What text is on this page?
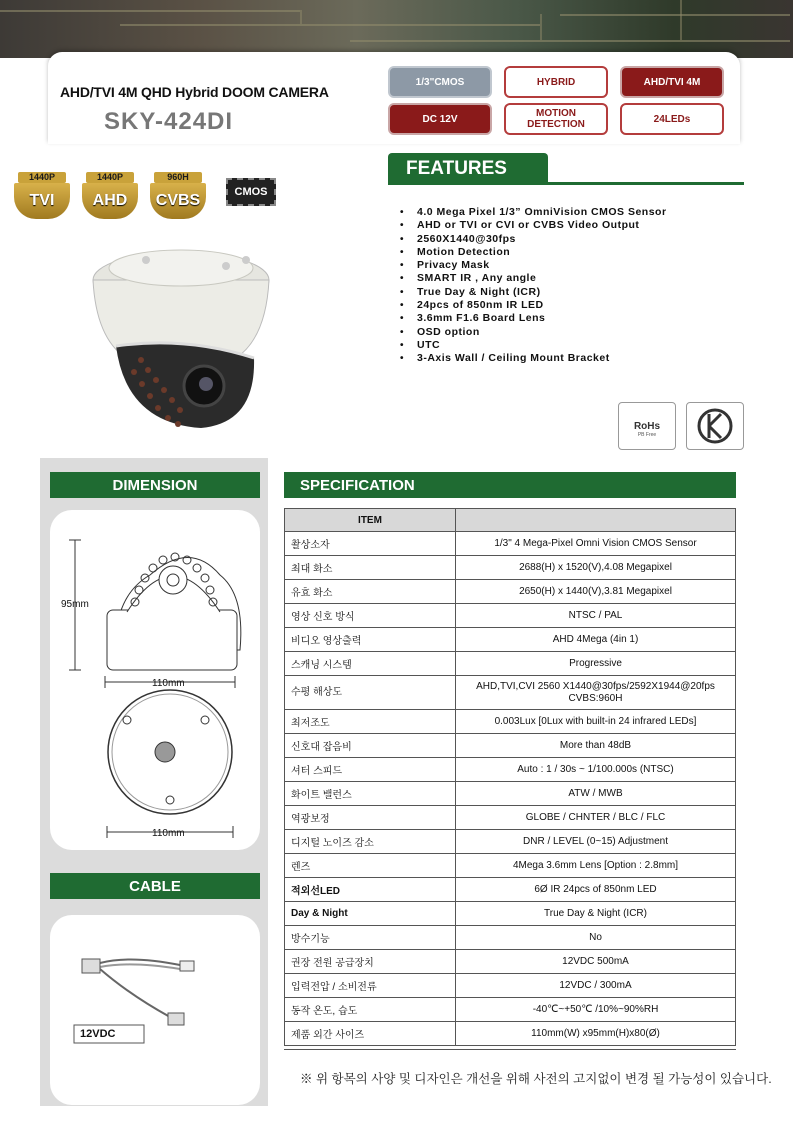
AHD/TVI 4M QHD Hybrid DOOM CAMERA
SKY-424DI
1/3"CMOS	HYBRID	AHD/TVI 4M
DC 12V	MOTION DETECTION	24LEDs
1440P
TVI
1440P
AHD
960H
CVBS	CMOS
FEATURES
• 4.0 Mega Pixel 1/3” OmniVision CMOS Sensor
• AHD or TVI or CVI or CVBS Video Output
• 2560X1440@30fps
• Motion Detection
• Privacy Mask
• SMART IR , Any angle
• True Day & Night (ICR)
• 24pcs of 850nm IR LED
• 3.6mm F1.6 Board Lens
• OSD option
• UTC
• 3-Axis Wall / Ceiling Mount Bracket
RoHs
PB Free
DIMENSION
95mm
110mm
110mm
CABLE
12VDC
SPECIFICATION
ITEM	
촬상소자	1/3" 4 Mega-Pixel Omni Vision CMOS Sensor
최대 화소	2688(H) x 1520(V),4.08 Megapixel
유효 화소	2650(H) x 1440(V),3.81 Megapixel
영상 신호 방식	NTSC / PAL
비디오 영상출력	AHD 4Mega (4in 1)
스캐닝 시스템	Progressive
수평 해상도	AHD,TVI,CVI 2560 X1440@30fps/2592X1944@20fps CVBS:960H
최저조도	0.003Lux [0Lux with built-in 24 infrared LEDs]
신호대 잡음비	More than 48dB
셔터 스피드	Auto : 1 / 30s ~ 1/100.000s (NTSC)
화이트 밸런스	ATW / MWB
역광보정	GLOBE / CHNTER / BLC / FLC
디지털 노이즈 감소	DNR / LEVEL (0~15) Adjustment
렌즈	4Mega 3.6mm Lens [Option : 2.8mm]
적외선LED	6Ø IR 24pcs of 850nm LED
Day & Night	True Day & Night (ICR)
방수기능	No
권장 전원 공급장치	12VDC 500mA
입력전압 / 소비전류	12VDC / 300mA
동작 온도, 습도	-40℃~+50℃ /10%~90%RH
제품 외간 사이즈	110mm(W) x95mm(H)x80(Ø)
※ 위 항목의 사양 및 디자인은 개선을 위해 사전의 고지없이 변경 될 가능성이 있습니다.
